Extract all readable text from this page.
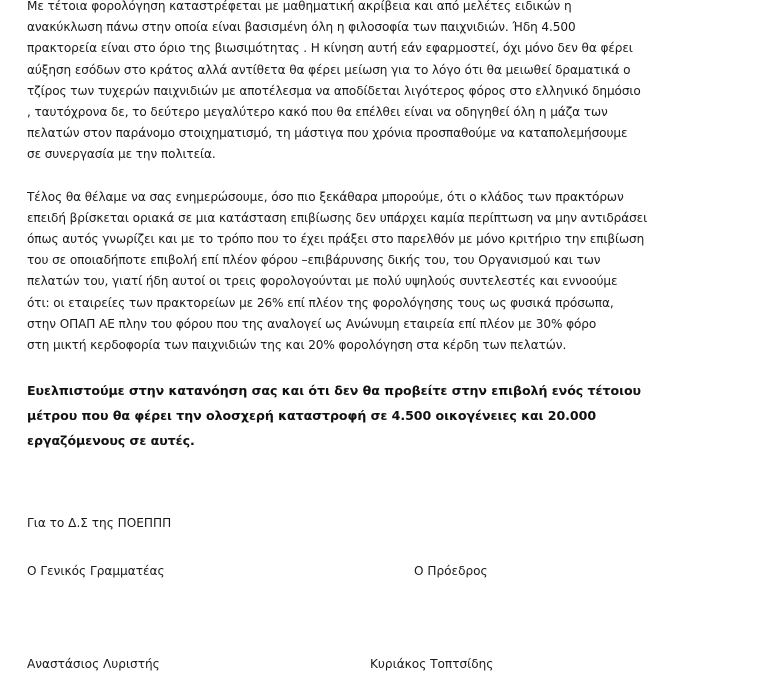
Με τέτοια φορολόγηση καταστρέφεται με μαθηματική ακρίβεια και από μελέτες ειδικών η
ανακύκλωση πάνω στην οποία είναι βασισμένη όλη η φιλοσοφία των παιχνιδιών. Ήδη 4.500
πρακτορεία είναι στο όριο της βιωσιμότητας . Η κίνηση αυτή εάν εφαρμοστεί, όχι μόνο δεν θα φέρει
αύξηση εσόδων στο κράτος αλλά αντίθετα θα φέρει μείωση για το λόγο ότι θα μειωθεί δραματικά ο
τζίρος των τυχερών παιχνιδιών με αποτέλεσμα να αποδίδεται λιγότερος φόρος στο ελληνικό δημόσιο
, ταυτόχρονα δε, το δεύτερο μεγαλύτερο κακό που θα επέλθει είναι να οδηγηθεί όλη η μάζα των
πελατών στον παράνομο στοιχηματισμό, τη μάστιγα που χρόνια προσπαθούμε να καταπολεμήσουμε
σε συνεργασία με την πολιτεία.
Τέλος θα θέλαμε να σας ενημερώσουμε, όσο πιο ξεκάθαρα μπορούμε, ότι ο κλάδος των πρακτόρων
επειδή βρίσκεται οριακά σε μια κατάσταση επιβίωσης δεν υπάρχει καμία περίπτωση να μην αντιδράσει
όπως αυτός γνωρίζει και με το τρόπο που το έχει πράξει στο παρελθόν με μόνο κριτήριο την επιβίωση
του σε οποιαδήποτε επιβολή επί πλέον φόρου –επιβάρυνσης δικής του, του Οργανισμού και των
πελατών του, γιατί ήδη αυτοί οι τρεις φορολογούνται με πολύ υψηλούς συντελεστές και εννοούμε
ότι: οι εταιρείες των πρακτορείων με 26% επί πλέον της φορολόγησης τους ως φυσικά πρόσωπα,
στην ΟΠΑΠ ΑΕ πλην του φόρου που της αναλογεί ως Ανώνυμη εταιρεία επί πλέον με 30% φόρο
στη μικτή κερδοφορία των παιχνιδιών της και 20% φορολόγηση στα κέρδη των πελατών.
Ευελπιστούμε στην κατανόηση σας και ότι δεν θα προβείτε στην επιβολή ενός τέτοιου
μέτρου που θα φέρει την ολοσχερή καταστροφή σε 4.500 οικογένειες και 20.000
εργαζόμενους σε αυτές.
Για το Δ.Σ της ΠΟΕΠΠΠ
Ο Γενικός Γραμματέας	Ο Πρόεδρος
Αναστάσιος Λυριστής	Κυριάκος Τοπτσίδης
